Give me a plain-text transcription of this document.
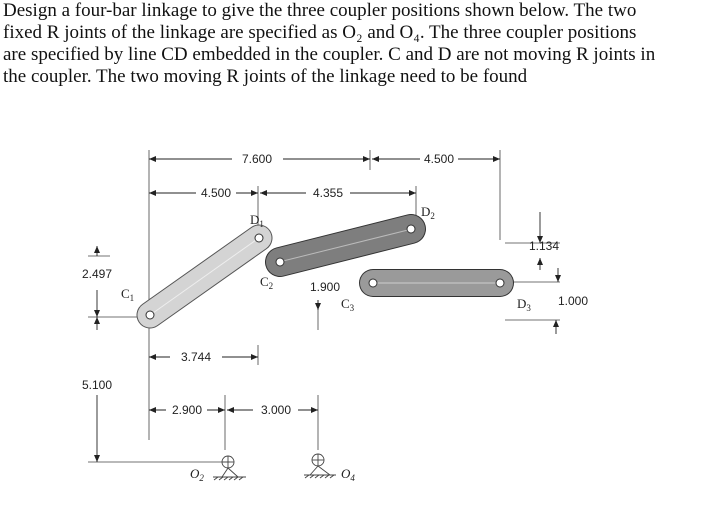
Design a four-bar linkage to give the three coupler positions shown below. The two
fixed R joints of the linkage are specified as O₂ and O₄. The three coupler positions
are specified by line CD embedded in the coupler. C and D are not moving R joints in
the coupler. The two moving R joints of the linkage need to be found
7.600	4.500
4.500	4.355
1.134
2.497
1.900
1.000
3.744
5.100
2.900	3.000
$C_1$
$D_1$
$C_2$
$D_2$
$C_3$	$D_3$
$O_2$	$O_4$
